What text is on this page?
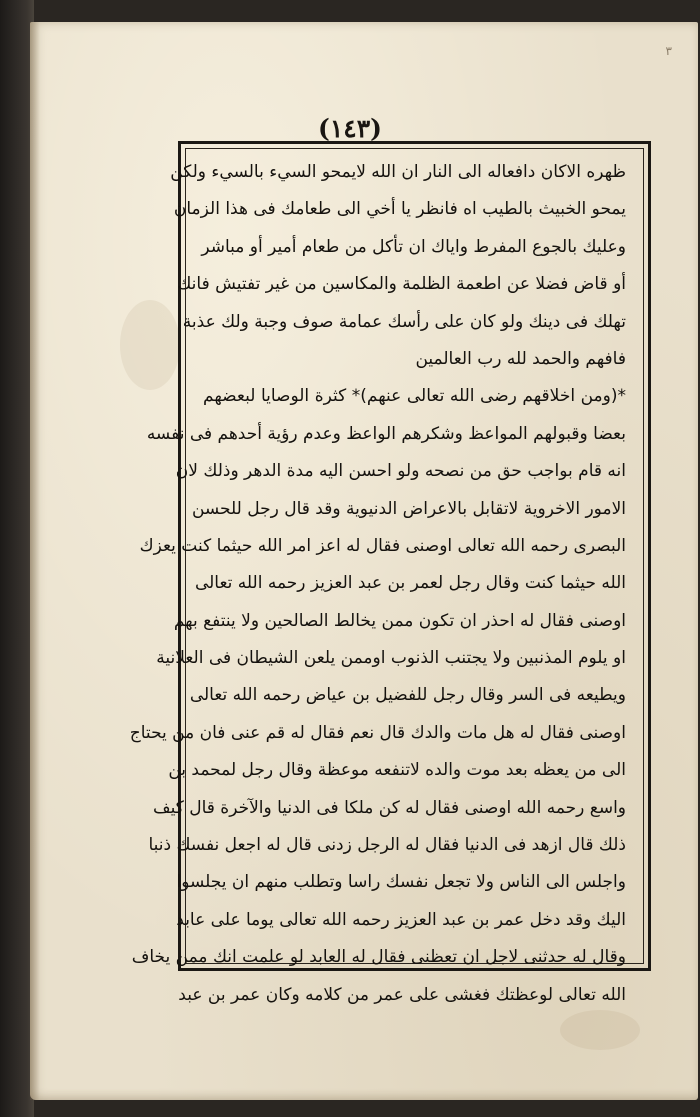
٣
(١٤٣)
ظهره الاكان دافعاله الى النار ان الله لايمحو السيء بالسيء ولكن
يمحو الخبيث بالطيب اه فانظر يا أخي الى طعامك فى هذا الزمان
وعليك بالجوع المفرط واياك ان تأكل من طعام أمير أو مباشر
أو قاض فضلا عن اطعمة الظلمة والمكاسين من غير تفتيش فانك
تهلك فى دينك ولو كان على رأسك عمامة صوف وجبة ولك عذبة
فافهم والحمد لله رب العالمين
*(ومن اخلاقهم رضى الله تعالى عنهم)* كثرة الوصايا لبعضهم
بعضا وقبولهم المواعظ وشكرهم الواعظ وعدم رؤية أحدهم فى نفسه
انه قام بواجب حق من نصحه ولو احسن اليه مدة الدهر وذلك لان
الامور الاخروية لاتقابل بالاعراض الدنيوية وقد قال رجل للحسن
البصرى رحمه الله تعالى اوصنى فقال له اعز امر الله حيثما كنت يعزك
الله حيثما كنت وقال رجل لعمر بن عبد العزيز رحمه الله تعالى
اوصنى فقال له احذر ان تكون ممن يخالط الصالحين ولا ينتفع بهم
او يلوم المذنبين ولا يجتنب الذنوب اوممن يلعن الشيطان فى العلانية
ويطيعه فى السر وقال رجل للفضيل بن عياض رحمه الله تعالى
اوصنى فقال له هل مات والدك قال نعم فقال له قم عنى فان من يحتاج
الى من يعظه بعد موت والده لاتنفعه موعظة وقال رجل لمحمد بن
واسع رحمه الله اوصنى فقال له كن ملكا فى الدنيا والآخرة قال كيف
ذلك قال ازهد فى الدنيا فقال له الرجل زدنى قال له اجعل نفسك ذنبا
واجلس الى الناس ولا تجعل نفسك راسا وتطلب منهم ان يجلسوا
اليك وقد دخل عمر بن عبد العزيز رحمه الله تعالى يوما على عابد
وقال له حدثنى لاجل ان تعظنى فقال له العابد لو علمت انك ممن يخاف
الله تعالى لوعظتك فغشى على عمر من كلامه وكان عمر بن عبد
